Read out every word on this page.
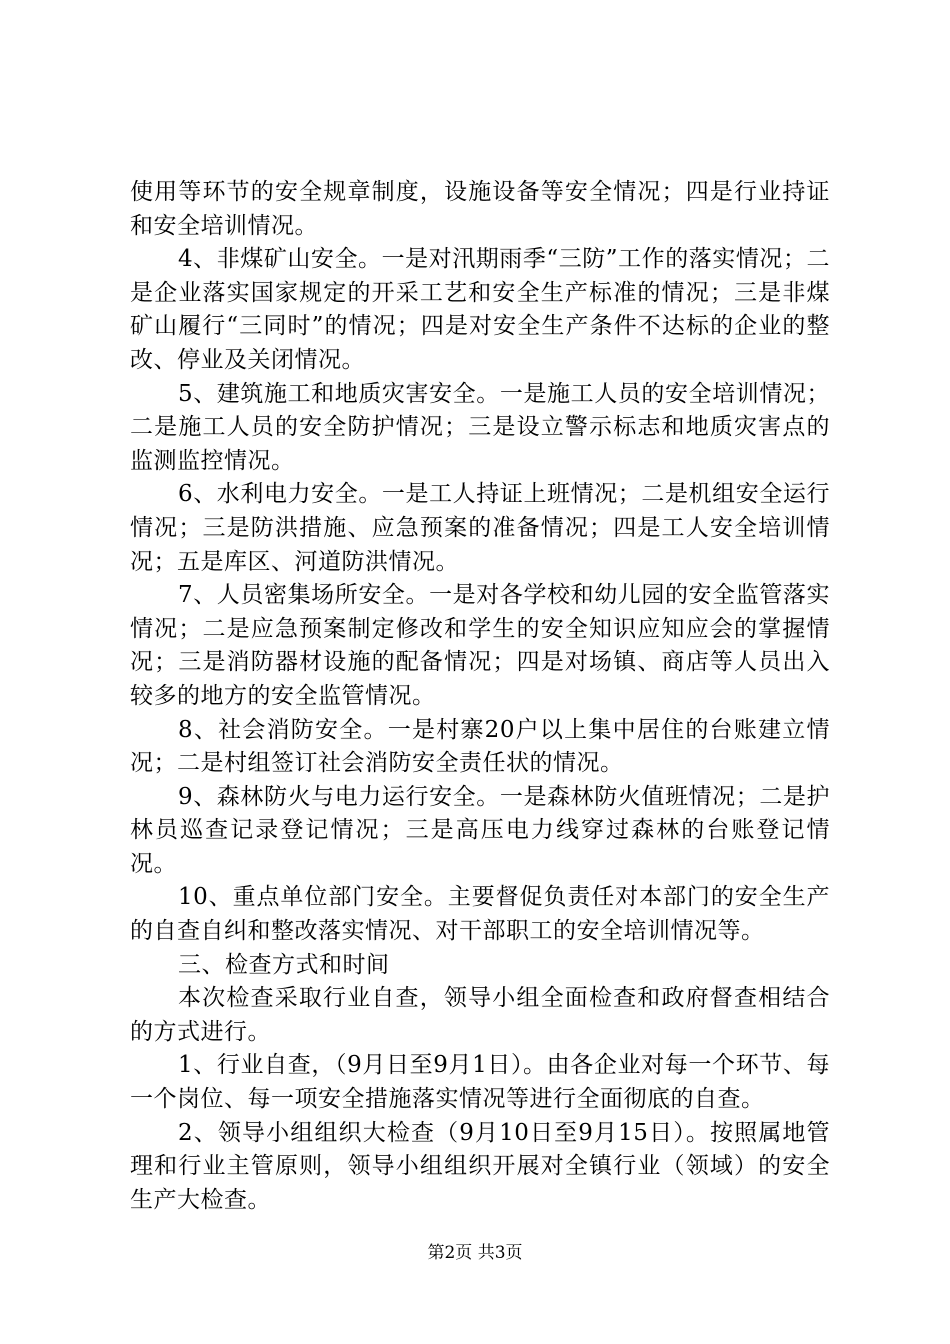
使用等环节的安全规章制度，设施设备等安全情况；四是行业持证和安全培训情况。

4、非煤矿山安全。一是对汛期雨季“三防”工作的落实情况；二是企业落实国家规定的开采工艺和安全生产标准的情况；三是非煤矿山履行“三同时”的情况；四是对安全生产条件不达标的企业的整改、停业及关闭情况。

5、建筑施工和地质灾害安全。一是施工人员的安全培训情况；二是施工人员的安全防护情况；三是设立警示标志和地质灾害点的监测监控情况。

6、水利电力安全。一是工人持证上班情况；二是机组安全运行情况；三是防洪措施、应急预案的准备情况；四是工人安全培训情况；五是库区、河道防洪情况。

7、人员密集场所安全。一是对各学校和幼儿园的安全监管落实情况；二是应急预案制定修改和学生的安全知识应知应会的掌握情况；三是消防器材设施的配备情况；四是对场镇、商店等人员出入较多的地方的安全监管情况。

8、社会消防安全。一是村寨20户以上集中居住的台账建立情况；二是村组签订社会消防安全责任状的情况。

9、森林防火与电力运行安全。一是森林防火值班情况；二是护林员巡查记录登记情况；三是高压电力线穿过森林的台账登记情况。

10、重点单位部门安全。主要督促负责任对本部门的安全生产的自查自纠和整改落实情况、对干部职工的安全培训情况等。

三、检查方式和时间

本次检查采取行业自查，领导小组全面检查和政府督查相结合的方式进行。

1、行业自查，（9月日至9月1日）。由各企业对每一个环节、每一个岗位、每一项安全措施落实情况等进行全面彻底的自查。

2、领导小组组织大检查（9月10日至9月15日）。按照属地管理和行业主管原则，领导小组组织开展对全镇行业（领域）的安全生产大检查。

第2页 共3页
